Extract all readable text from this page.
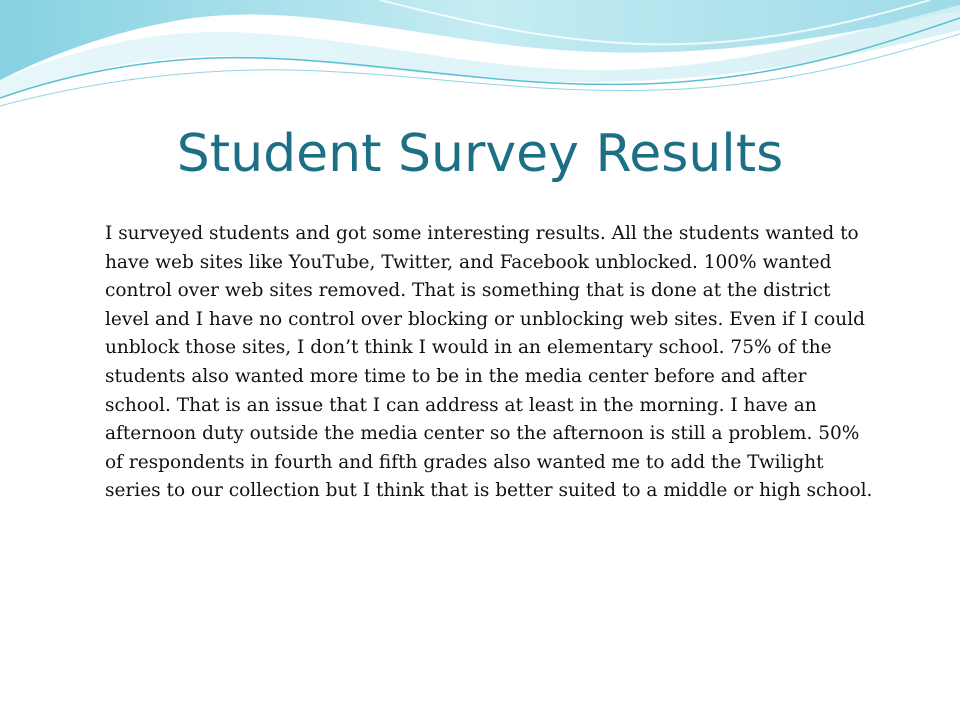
Student Survey Results

I surveyed students and got some interesting results. All the students wanted to have web sites like YouTube, Twitter, and Facebook unblocked. 100% wanted control over web sites removed. That is something that is done at the district level and I have no control over blocking or unblocking web sites. Even if I could unblock those sites, I don’t think I would in an elementary school. 75% of the students also wanted more time to be in the media center before and after school. That is an issue that I can address at least in the morning. I have an afternoon duty outside the media center so the afternoon is still a problem. 50% of respondents in fourth and fifth grades also wanted me to add the Twilight series to our collection but I think that is better suited to a middle or high school.
